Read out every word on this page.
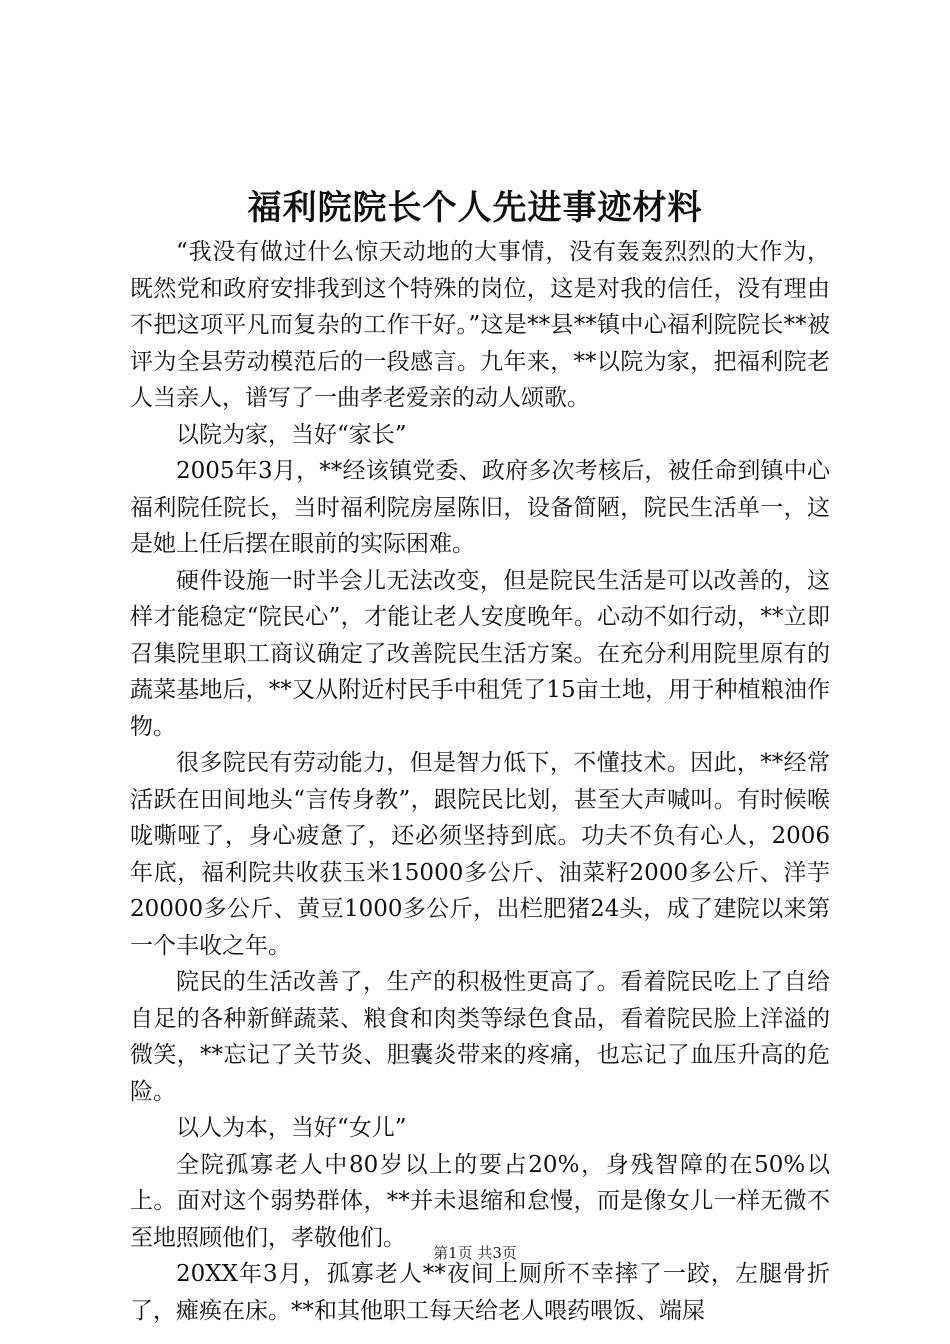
福利院院长个人先进事迹材料

“我没有做过什么惊天动地的大事情，没有轰轰烈烈的大作为，既然党和政府安排我到这个特殊的岗位，这是对我的信任，没有理由不把这项平凡而复杂的工作干好。”这是**县**镇中心福利院院长**被评为全县劳动模范后的一段感言。九年来，**以院为家，把福利院老人当亲人，谱写了一曲孝老爱亲的动人颂歌。

以院为家，当好“家长”

2005年3月，**经该镇党委、政府多次考核后，被任命到镇中心福利院任院长，当时福利院房屋陈旧，设备简陋，院民生活单一，这是她上任后摆在眼前的实际困难。

硬件设施一时半会儿无法改变，但是院民生活是可以改善的，这样才能稳定“院民心”，才能让老人安度晚年。心动不如行动，**立即召集院里职工商议确定了改善院民生活方案。在充分利用院里原有的蔬菜基地后，**又从附近村民手中租凭了15亩土地，用于种植粮油作物。

很多院民有劳动能力，但是智力低下，不懂技术。因此，**经常活跃在田间地头“言传身教”，跟院民比划，甚至大声喊叫。有时候喉咙嘶哑了，身心疲惫了，还必须坚持到底。功夫不负有心人，2006年底，福利院共收获玉米15000多公斤、油菜籽2000多公斤、洋芋20000多公斤、黄豆1000多公斤，出栏肥猪24头，成了建院以来第一个丰收之年。

院民的生活改善了，生产的积极性更高了。看着院民吃上了自给自足的各种新鲜蔬菜、粮食和肉类等绿色食品，看着院民脸上洋溢的微笑，**忘记了关节炎、胆囊炎带来的疼痛，也忘记了血压升高的危险。

以人为本，当好“女儿”

全院孤寡老人中80岁以上的要占20%，身残智障的在50%以上。面对这个弱势群体，**并未退缩和怠慢，而是像女儿一样无微不至地照顾他们，孝敬他们。

20XX年3月，孤寡老人**夜间上厕所不幸摔了一跤，左腿骨折了，瘫痪在床。**和其他职工每天给老人喂药喂饭、端屎

第1页 共3页
